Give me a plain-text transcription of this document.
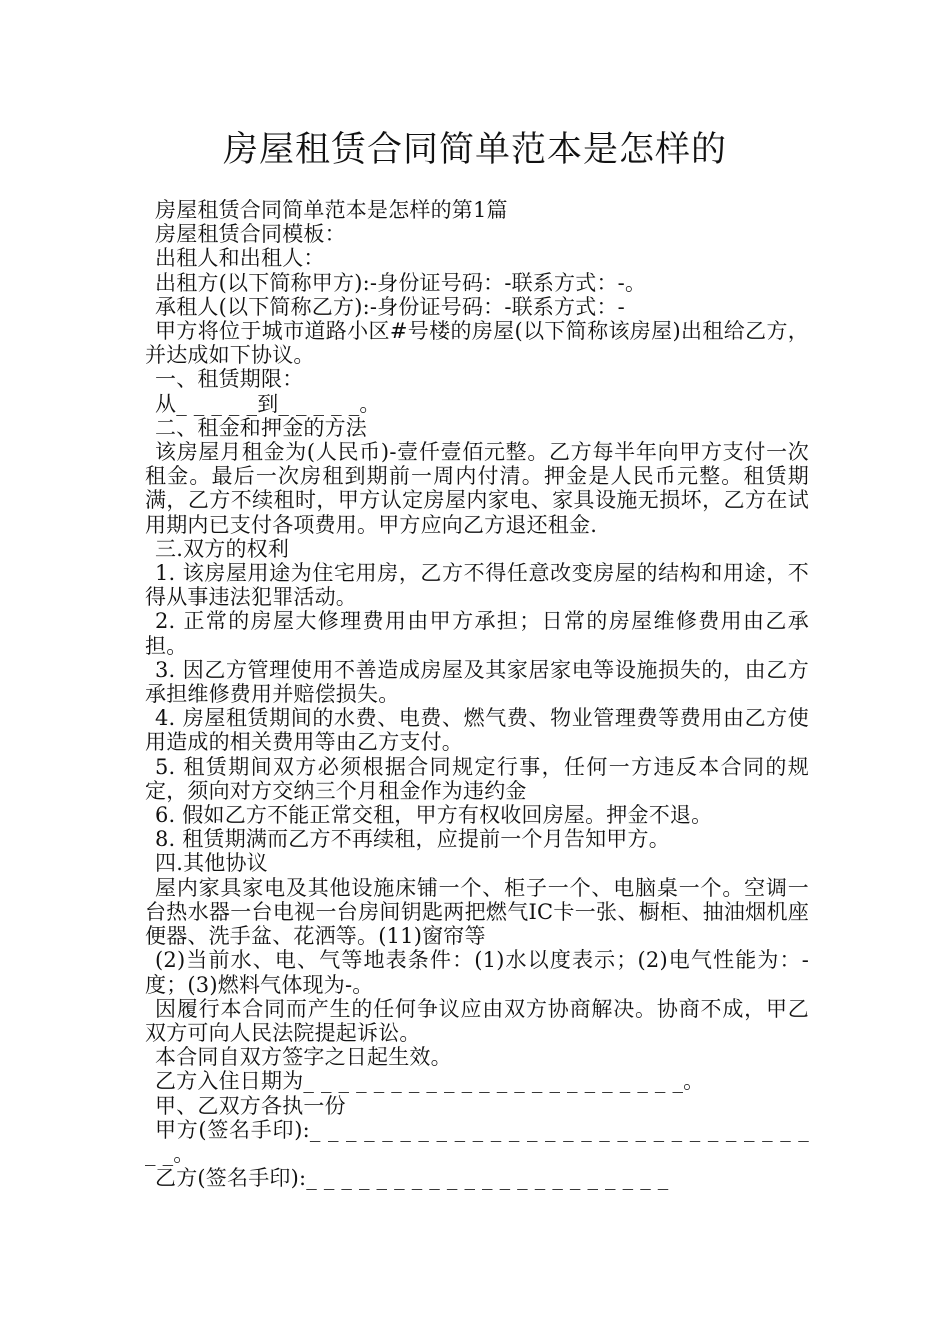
房屋租赁合同简单范本是怎样的

房屋租赁合同简单范本是怎样的第1篇

房屋租赁合同模板：

出租人和出租人：

出租方(以下简称甲方):-身份证号码：-联系方式：-。

承租人(以下简称乙方):-身份证号码：-联系方式：-

甲方将位于城市道路小区#号楼的房屋(以下简称该房屋)出租给乙方，并达成如下协议。

一、租赁期限：

从_ _ _ _ _到_ _ _ _ _。

二、租金和押金的方法

该房屋月租金为(人民币)-壹仟壹佰元整。乙方每半年向甲方支付一次租金。最后一次房租到期前一周内付清。押金是人民币元整。租赁期满，乙方不续租时，甲方认定房屋内家电、家具设施无损坏，乙方在试用期内已支付各项费用。甲方应向乙方退还租金.

三.双方的权利

1. 该房屋用途为住宅用房，乙方不得任意改变房屋的结构和用途，不得从事违法犯罪活动。

2. 正常的房屋大修理费用由甲方承担；日常的房屋维修费用由乙承担。

3. 因乙方管理使用不善造成房屋及其家居家电等设施损失的，由乙方承担维修费用并赔偿损失。

4. 房屋租赁期间的水费、电费、燃气费、物业管理费等费用由乙方使用造成的相关费用等由乙方支付。

5. 租赁期间双方必须根据合同规定行事，任何一方违反本合同的规定，须向对方交纳三个月租金作为违约金

6. 假如乙方不能正常交租，甲方有权收回房屋。押金不退。

8. 租赁期满而乙方不再续租，应提前一个月告知甲方。

四.其他协议

屋内家具家电及其他设施床铺一个、柜子一个、电脑桌一个。空调一台热水器一台电视一台房间钥匙两把燃气IC卡一张、橱柜、抽油烟机座便器、洗手盆、花洒等。(11)窗帘等

(2)当前水、电、气等地表条件：(1)水以度表示；(2)电气性能为：-度；(3)燃料气体现为-。

因履行本合同而产生的任何争议应由双方协商解决。协商不成，甲乙双方可向人民法院提起诉讼。

本合同自双方签字之日起生效。

乙方入住日期为_ _ _ _ _ _ _ _ _ _ _ _ _ _ _ _ _ _ _ _ _ _。

甲、乙双方各执一份

甲方(签名手印):_ _ _ _ _ _ _ _ _ _ _ _ _ _ _ _ _ _ _ _ _ _ _ _ _ _ _ _ _ _。

乙方(签名手印):_ _ _ _ _ _ _ _ _ _ _ _ _ _ _ _ _ _ _ _ _
